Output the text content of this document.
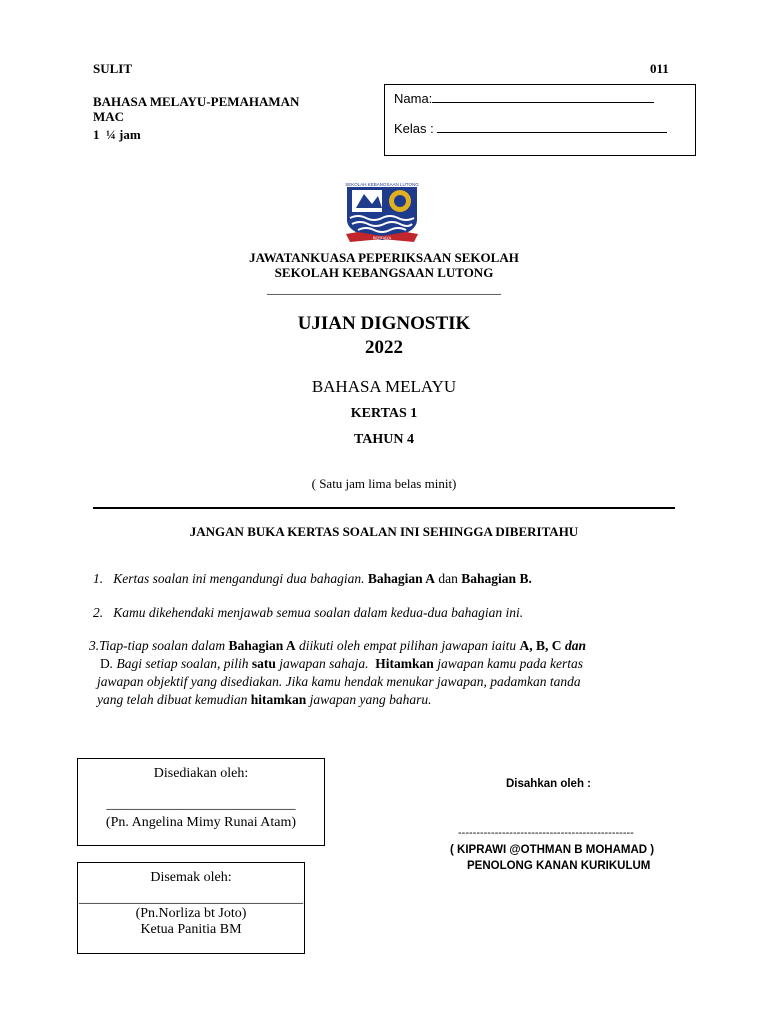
SULIT	011
BAHASA MELAYU-PEMAHAMAN
MAC
1  ¼ jam
Nama:
Kelas :
SEKOLAH KEBANGSAAN LUTONG
BERDAYA
JAWATANKUASA PEPERIKSAAN SEKOLAH
SEKOLAH KEBANGSAAN LUTONG
____________________________________
UJIAN DIGNOSTIK
2022
BAHASA MELAYU
KERTAS 1
TAHUN 4
( Satu jam lima belas minit)
JANGAN BUKA KERTAS SOALAN INI SEHINGGA DIBERITAHU
1. Kertas soalan ini mengandungi dua bahagian. Bahagian A dan Bahagian B.
2. Kamu dikehendaki menjawab semua soalan dalam kedua-dua bahagian ini.
3.Tiap-tiap soalan dalam Bahagian A diikuti oleh empat pilihan jawapan iaitu A, B, C dan
D. Bagi setiap soalan, pilih satu jawapan sahaja. Hitamkan jawapan kamu pada kertas
jawapan objektif yang disediakan. Jika kamu hendak menukar jawapan, padamkan tanda
yang telah dibuat kemudian hitamkan jawapan yang baharu.
Disediakan oleh:
___________________________
(Pn. Angelina Mimy Runai Atam)
Disemak oleh:
________________________________
(Pn.Norliza bt Joto)
Ketua Panitia BM
Disahkan oleh :
------------------------------------------------
( KIPRAWI @OTHMAN B MOHAMAD )
PENOLONG KANAN KURIKULUM
